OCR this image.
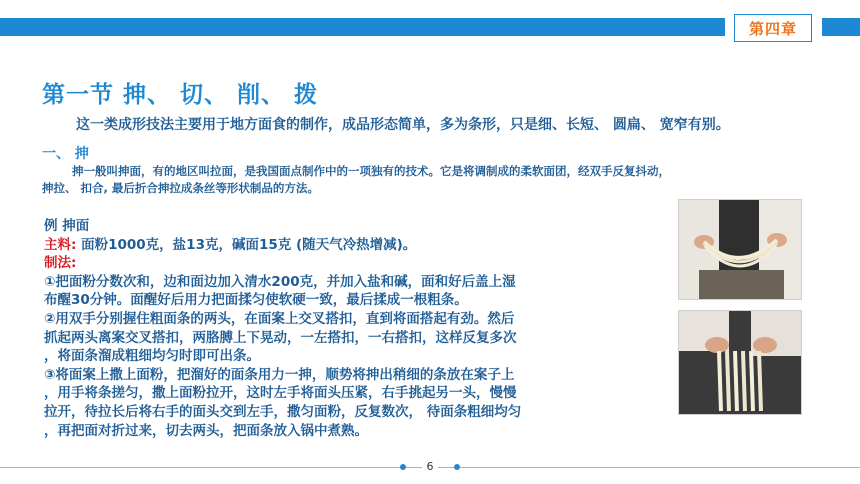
第四章
第一节 抻、 切、 削、 拨
这一类成形技法主要用于地方面食的制作，成品形态简单，多为条形，只是细、长短、 圆扁、 宽窄有别。
一、 抻
抻一般叫抻面，有的地区叫拉面，是我国面点制作中的一项独有的技术。它是将调制成的柔软面团，经双手反复抖动，
抻拉、 扣合, 最后折合抻拉成条丝等形状制品的方法。
例 抻面
主料: 面粉1000克，盐13克，碱面15克 (随天气冷热增减)。
制法:
①把面粉分数次和，边和面边加入清水200克，并加入盐和碱，面和好后盖上湿
布醒30分钟。面醒好后用力把面揉匀使软硬一致，最后揉成一根粗条。
②用双手分别握住粗面条的两头，在面案上交叉搭扣，直到将面搭起有劲。然后
抓起两头离案交叉搭扣，两胳膊上下晃动，一左搭扣，一右搭扣，这样反复多次
，将面条溜成粗细均匀时即可出条。
③将面案上撒上面粉，把溜好的面条用力一抻，顺势将抻出稍细的条放在案子上
，用手将条搓匀，撒上面粉拉开，这时左手将面头压紧，右手挑起另一头，慢慢
拉开，待拉长后将右手的面头交到左手，撒匀面粉，反复数次， 待面条粗细均匀
，再把面对折过来，切去两头，把面条放入锅中煮熟。
6
